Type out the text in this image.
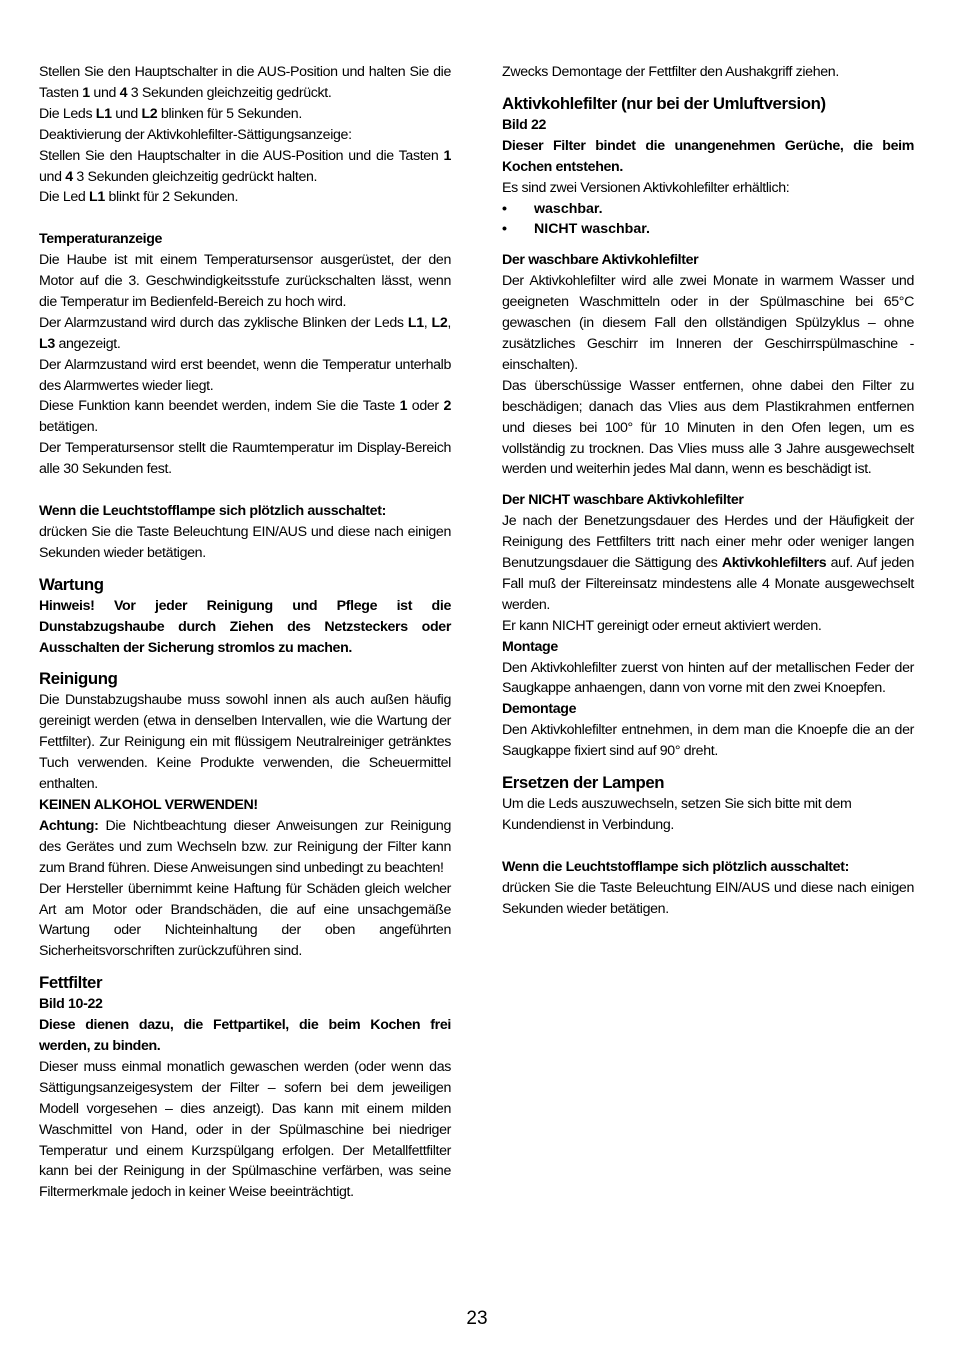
Stellen Sie den Hauptschalter in die AUS-Position und halten Sie die Tasten 1 und 4 3 Sekunden gleichzeitig gedrückt.

Die Leds L1 und L2 blinken für 5 Sekunden.

Deaktivierung der Aktivkohlefilter-Sättigungsanzeige:

Stellen Sie den Hauptschalter in die AUS-Position und die Tasten 1 und 4 3 Sekunden gleichzeitig gedrückt halten.

Die Led L1 blinkt für 2 Sekunden.

Temperaturanzeige

Die Haube ist mit einem Temperatursensor ausgerüstet, der den Motor auf die 3. Geschwindigkeitsstufe zurückschalten lässt, wenn die Temperatur im Bedienfeld-Bereich zu hoch wird.

Der Alarmzustand wird durch das zyklische Blinken der Leds L1, L2, L3 angezeigt.

Der Alarmzustand wird erst beendet, wenn die Temperatur unterhalb des Alarmwertes wieder liegt.

Diese Funktion kann beendet werden, indem Sie die Taste 1 oder 2 betätigen.

Der Temperatursensor stellt die Raumtemperatur im Display-Bereich alle 30 Sekunden fest.

Wenn die Leuchtstofflampe sich plötzlich ausschaltet:

drücken Sie die Taste Beleuchtung EIN/AUS und diese nach einigen Sekunden wieder betätigen.

Wartung

Hinweis! Vor jeder Reinigung und Pflege ist die Dunstabzugshaube durch Ziehen des Netzsteckers oder Ausschalten der Sicherung stromlos zu machen.

Reinigung

Die Dunstabzugshaube muss sowohl innen als auch außen häufig gereinigt werden (etwa in denselben Intervallen, wie die Wartung der Fettfilter). Zur Reinigung ein mit flüssigem Neutralreiniger getränktes Tuch verwenden. Keine Produkte verwenden, die Scheuermittel enthalten.

KEINEN ALKOHOL VERWENDEN!

Achtung: Die Nichtbeachtung dieser Anweisungen zur Reinigung des Gerätes und zum Wechseln bzw. zur Reinigung der Filter kann zum Brand führen. Diese Anweisungen sind unbedingt zu beachten!

Der Hersteller übernimmt keine Haftung für Schäden gleich welcher Art am Motor oder Brandschäden, die auf eine unsachgemäße Wartung oder Nichteinhaltung der oben angeführten Sicherheitsvorschriften zurückzuführen sind.

Fettfilter

Bild 10-22

Diese dienen dazu, die Fettpartikel, die beim Kochen frei werden, zu binden.

Dieser muss einmal monatlich gewaschen werden (oder wenn das Sättigungsanzeigesystem der Filter – sofern bei dem jeweiligen Modell vorgesehen – dies anzeigt). Das kann mit einem milden Waschmittel von Hand, oder in der Spülmaschine bei niedriger Temperatur und einem Kurzspülgang erfolgen. Der Metallfettfilter kann bei der Reinigung in der Spülmaschine verfärben, was seine Filtermerkmale jedoch in keiner Weise beeinträchtigt.

Zwecks Demontage der Fettfilter den Aushakgriff ziehen.

Aktivkohlefilter (nur bei der Umluftversion)

Bild 22

Dieser Filter bindet die unangenehmen Gerüche, die beim Kochen entstehen.

Es sind zwei Versionen Aktivkohlefilter erhältlich:

•	waschbar.
•	NICHT waschbar.

Der waschbare Aktivkohlefilter

Der Aktivkohlefilter wird alle zwei Monate in warmem Wasser und geeigneten Waschmitteln oder in der Spülmaschine bei 65°C gewaschen (in diesem Fall den ollständigen Spülzyklus – ohne zusätzliches Geschirr im Inneren der Geschirrspülmaschine - einschalten).

Das überschüssige Wasser entfernen, ohne dabei den Filter zu beschädigen; danach das Vlies aus dem Plastikrahmen entfernen und dieses bei 100° für 10 Minuten in den Ofen legen, um es vollständig zu trocknen. Das Vlies muss alle 3 Jahre ausgewechselt werden und weiterhin jedes Mal dann, wenn es beschädigt ist.

Der NICHT waschbare Aktivkohlefilter

Je nach der Benetzungsdauer des Herdes und der Häufigkeit der Reinigung des Fettfilters tritt nach einer mehr oder weniger langen Benutzungsdauer die Sättigung des Aktivkohlefilters auf. Auf jeden Fall muß der Filtereinsatz mindestens alle 4 Monate ausgewechselt werden.

Er kann NICHT gereinigt oder erneut aktiviert werden.

Montage

Den Aktivkohlefilter zuerst von hinten auf der metallischen Feder der Saugkappe anhaengen, dann von vorne mit den zwei Knoepfen.

Demontage

Den Aktivkohlefilter entnehmen, in dem man die Knoepfe die an der Saugkappe fixiert sind auf 90° dreht.

Ersetzen der Lampen

Um die Leds auszuwechseln, setzen Sie sich bitte mit dem Kundendienst in Verbindung.

Wenn die Leuchtstofflampe sich plötzlich ausschaltet:

drücken Sie die Taste Beleuchtung EIN/AUS und diese nach einigen Sekunden wieder betätigen.

23
